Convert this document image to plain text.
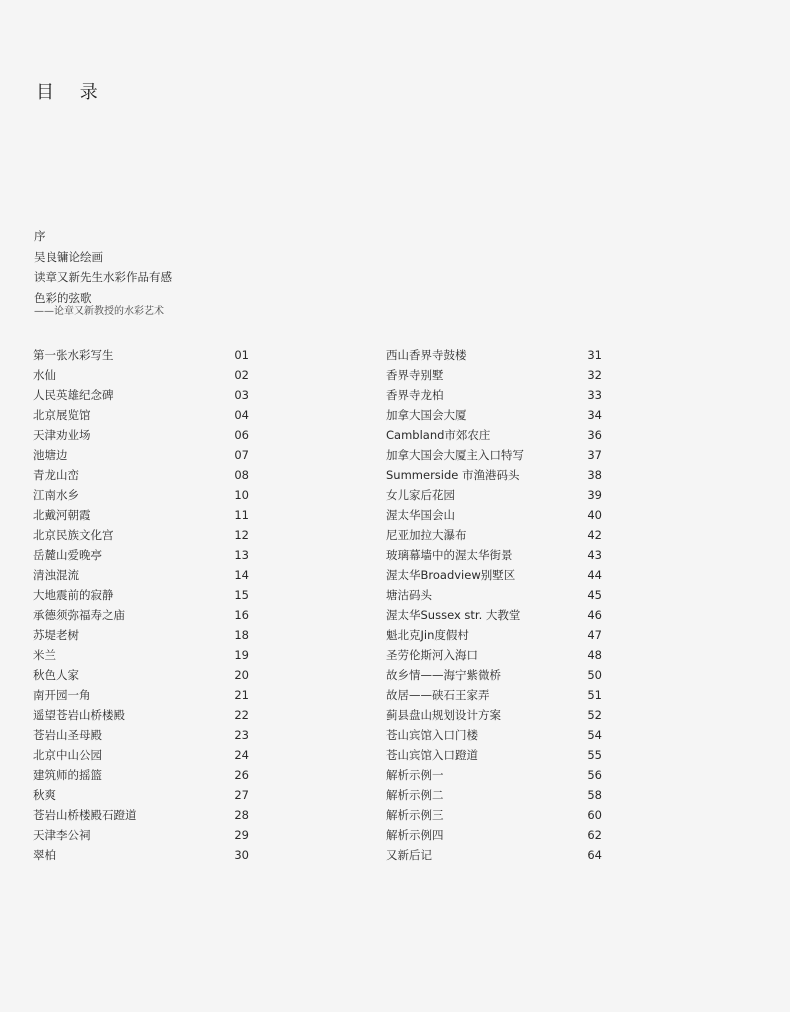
目 录
序
吴良镛论绘画
读章又新先生水彩作品有感
色彩的弦歌
——论章又新教授的水彩艺术
第一张水彩写生	01
水仙	02
人民英雄纪念碑	03
北京展览馆	04
天津劝业场	06
池塘边	07
青龙山峦	08
江南水乡	10
北戴河朝霞	11
北京民族文化宫	12
岳麓山爱晚亭	13
清浊混流	14
大地震前的寂静	15
承德须弥福寿之庙	16
苏堤老树	18
米兰	19
秋色人家	20
南开园一角	21
遥望苍岩山桥楼殿	22
苍岩山圣母殿	23
北京中山公园	24
建筑师的摇篮	26
秋爽	27
苍岩山桥楼殿石蹬道	28
天津李公祠	29
翠柏	30
西山香界寺鼓楼	31
香界寺别墅	32
香界寺龙柏	33
加拿大国会大厦	34
Cambland市郊农庄	36
加拿大国会大厦主入口特写	37
Summerside 市渔港码头	38
女儿家后花园	39
渥太华国会山	40
尼亚加拉大瀑布	42
玻璃幕墙中的渥太华街景	43
渥太华Broadview别墅区	44
塘沽码头	45
渥太华Sussex str. 大教堂	46
魁北克Jin度假村	47
圣劳伦斯河入海口	48
故乡情——海宁紫微桥	50
故居——硖石王家弄	51
蓟县盘山规划设计方案	52
苍山宾馆入口门楼	54
苍山宾馆入口蹬道	55
解析示例一	56
解析示例二	58
解析示例三	60
解析示例四	62
又新后记	64
